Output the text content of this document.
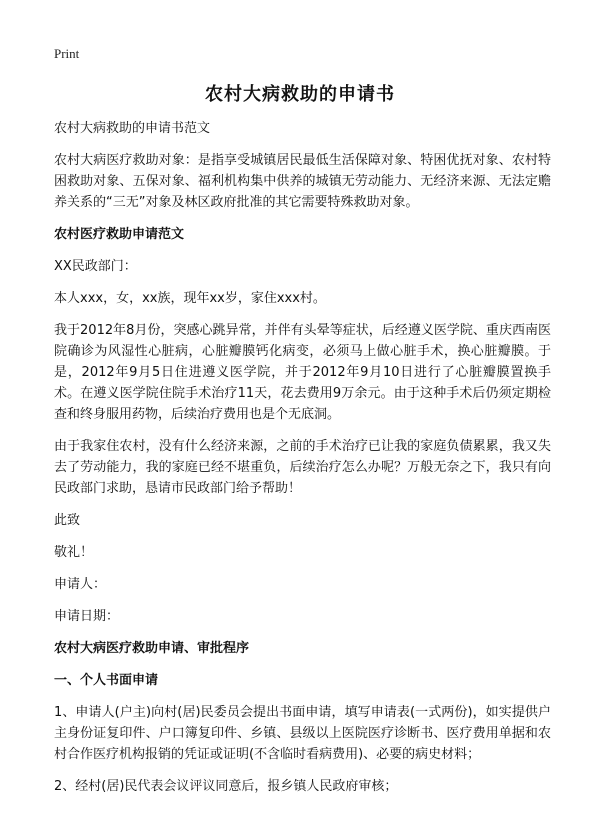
Print
农村大病救助的申请书

农村大病救助的申请书范文

农村大病医疗救助对象：是指享受城镇居民最低生活保障对象、特困优抚对象、农村特困救助对象、五保对象、福利机构集中供养的城镇无劳动能力、无经济来源、无法定赡养关系的“三无”对象及林区政府批准的其它需要特殊救助对象。

农村医疗救助申请范文

XX民政部门：

本人xxx，女，xx族，现年xx岁，家住xxx村。

我于2012年8月份，突感心跳异常，并伴有头晕等症状，后经遵义医学院、重庆西南医院确诊为风湿性心脏病，心脏瓣膜钙化病变，必须马上做心脏手术，换心脏瓣膜。于是，2012年9月5日住进遵义医学院，并于2012年9月10日进行了心脏瓣膜置换手术。在遵义医学院住院手术治疗11天，花去费用9万余元。由于这种手术后仍须定期检查和终身服用药物，后续治疗费用也是个无底洞。

由于我家住农村，没有什么经济来源，之前的手术治疗已让我的家庭负债累累，我又失去了劳动能力，我的家庭已经不堪重负，后续治疗怎么办呢？万般无奈之下，我只有向民政部门求助，恳请市民政部门给予帮助！

此致

敬礼！

申请人：

申请日期：

农村大病医疗救助申请、审批程序

一、个人书面申请

1、申请人(户主)向村(居)民委员会提出书面申请，填写申请表(一式两份)，如实提供户主身份证复印件、户口簿复印件、乡镇、县级以上医院医疗诊断书、医疗费用单据和农村合作医疗机构报销的凭证或证明(不含临时看病费用)、必要的病史材料；

2、经村(居)民代表会议评议同意后，报乡镇人民政府审核；
